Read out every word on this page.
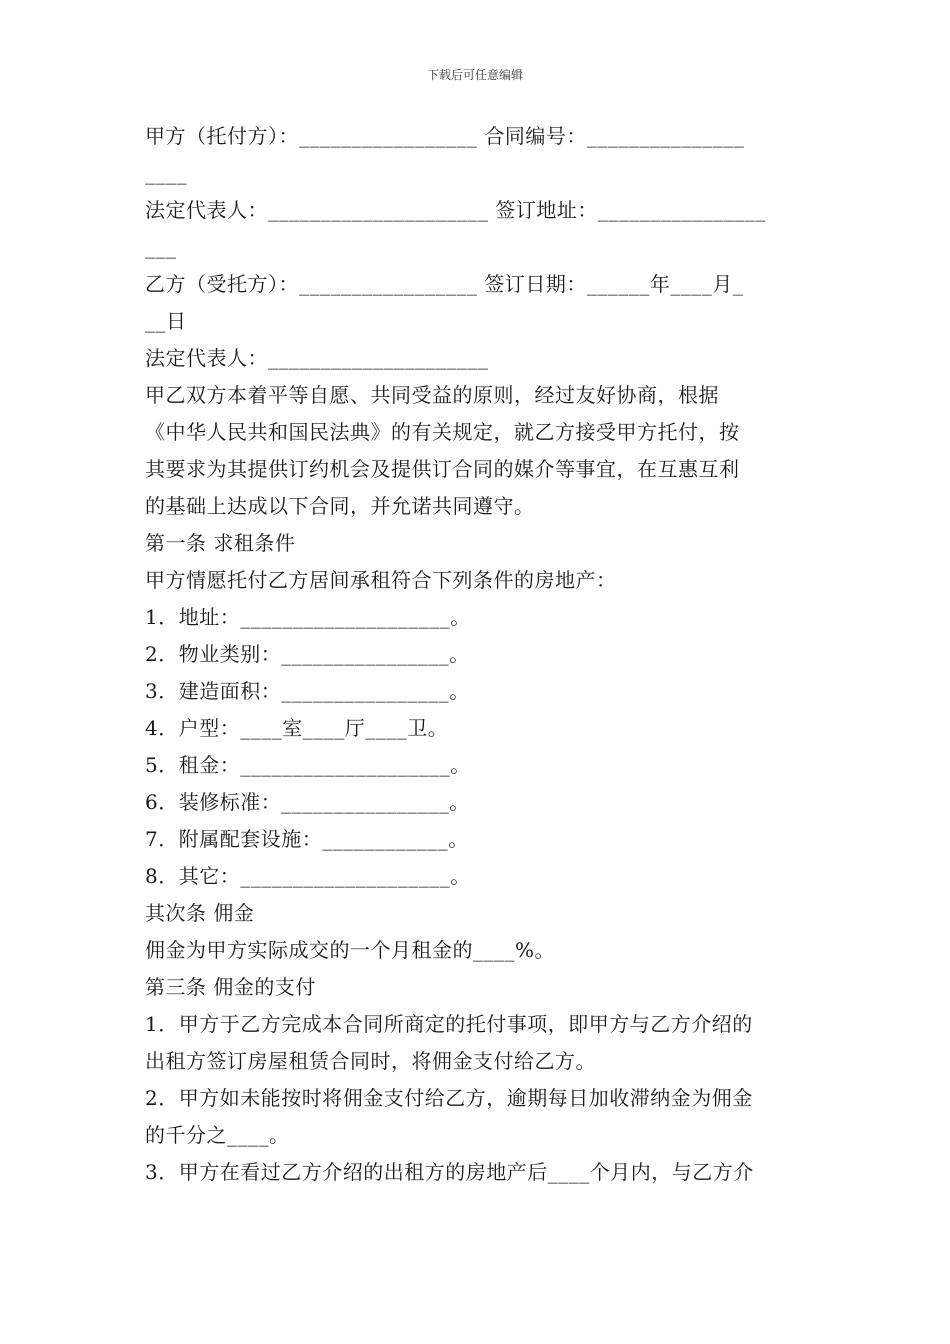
下载后可任意编辑
甲方（托付方）：_________________ 合同编号：_______________
____
法定代表人：_____________________ 签订地址：________________
___
乙方（受托方）：_________________ 签订日期：______年____月_
__日
法定代表人：_____________________
甲乙双方本着平等自愿、共同受益的原则，经过友好协商，根据
《中华人民共和国民法典》的有关规定，就乙方接受甲方托付，按
其要求为其提供订约机会及提供订合同的媒介等事宜，在互惠互利
的基础上达成以下合同，并允诺共同遵守。
第一条 求租条件
甲方情愿托付乙方居间承租符合下列条件的房地产：
1．地址：____________________。
2．物业类别：________________。
3．建造面积：________________。
4．户型：____室____厅____卫。
5．租金：____________________。
6．装修标准：________________。
7．附属配套设施：____________。
8．其它：____________________。
其次条 佣金
佣金为甲方实际成交的一个月租金的____%。
第三条 佣金的支付
1．甲方于乙方完成本合同所商定的托付事项，即甲方与乙方介绍的
出租方签订房屋租赁合同时，将佣金支付给乙方。
2．甲方如未能按时将佣金支付给乙方，逾期每日加收滞纳金为佣金
的千分之____。
3．甲方在看过乙方介绍的出租方的房地产后____个月内，与乙方介
